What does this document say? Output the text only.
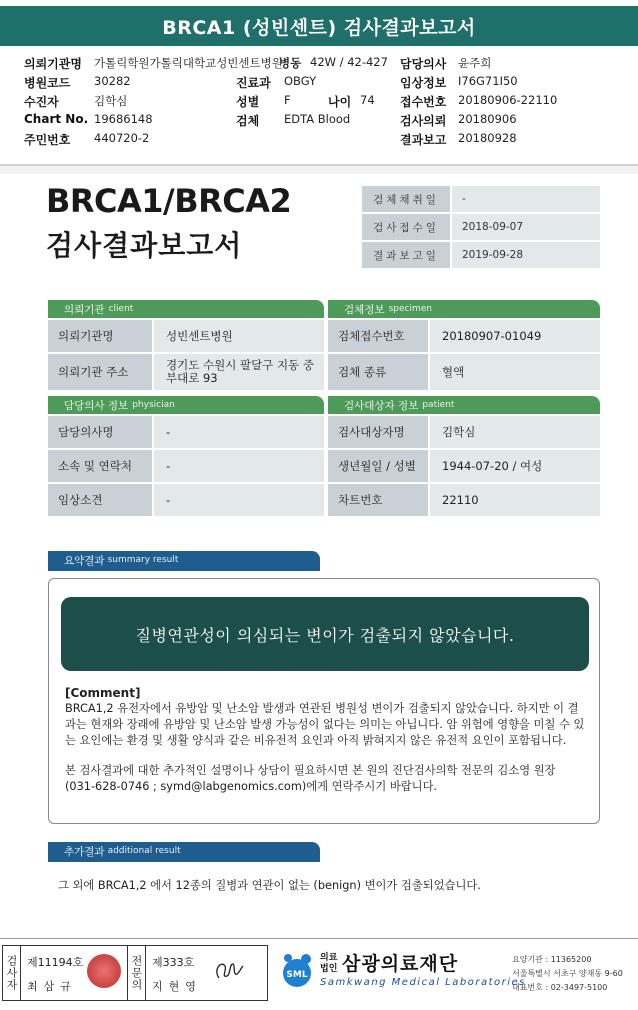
BRCA1 (성빈센트) 검사결과보고서
의뢰기관명 가톨릭학원가톨릭대학교성빈센트병원
병동 42W / 42-427 담당의사 윤주희
병원코드 30282	진료과 OBGY	임상정보 I76G71I50
수진자	김학심	성별 F	나이 74 접수번호 20180906-22110
Chart No. 19686148	검체 EDTA Blood	검사의뢰 20180906
주민번호 440720-2	결과보고 20180928
BRCA1/BRCA2
검사결과보고서
검체채취일	-
검사접수일	2018-09-07
결과보고일	2019-09-28
의뢰기관 client	검체정보 specimen
의뢰기관명	성빈센트병원
의뢰기관 주소	경기도 수원시 팔달구 지동 중부대로 93
검체접수번호	20180907-01049
검체 종류	혈액
담당의사 정보 physician	검사대상자 정보 patient
담당의사명	-
소속 및 연락처	-
임상소견	-
검사대상자명	김학심
생년월일 / 성별	1944-07-20 / 여성
차트번호	22110
요약결과 summary result
질병연관성이 의심되는 변이가 검출되지 않았습니다.

[Comment]

BRCA1,2 유전자에서 유방암 및 난소암 발생과 연관된 병원성 변이가 검출되지 않았습니다. 하지만 이 결과는 현재와 장래에 유방암 및 난소암 발생 가능성이 없다는 의미는 아닙니다. 암 위험에 영향을 미칠 수 있는 요인에는 환경 및 생활 양식과 같은 비유전적 요인과 아직 밝혀지지 않은 유전적 요인이 포함됩니다.

본 검사결과에 대한 추가적인 설명이나 상담이 필요하시면 본 원의 진단검사의학 전문의 김소영 원장 (031-628-0746 ; symd@labgenomics.com)에게 연락주시기 바랍니다.

추가결과 additional result
그 외에 BRCA1,2 에서 12종의 질병과 연관이 없는 (benign) 변이가 검출되었습니다.
검사자 제11194호
최삼규	전문의 제333호
지현영
SML
의료
법인 삼광의료재단
Samkwang Medical Laboratories
요양기관 : 11365200
서울특별시 서초구 양재동 9-60
대표번호 : 02-3497-5100
